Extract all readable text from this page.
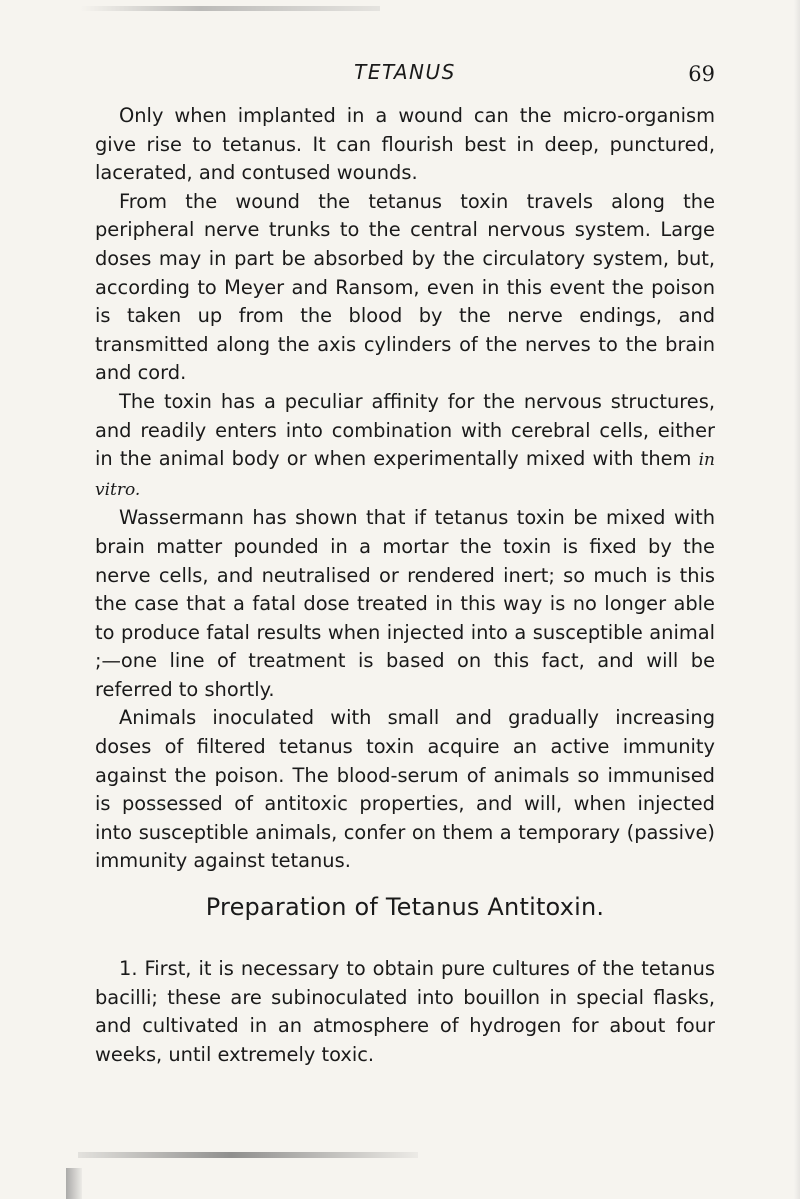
TETANUS	69

Only when implanted in a wound can the micro-organism give rise to tetanus. It can flourish best in deep, punctured, lacerated, and contused wounds.

From the wound the tetanus toxin travels along the peripheral nerve trunks to the central nervous system. Large doses may in part be absorbed by the circulatory system, but, according to Meyer and Ransom, even in this event the poison is taken up from the blood by the nerve endings, and transmitted along the axis cylinders of the nerves to the brain and cord.

The toxin has a peculiar affinity for the nervous structures, and readily enters into combination with cerebral cells, either in the animal body or when experimentally mixed with them in vitro.

Wassermann has shown that if tetanus toxin be mixed with brain matter pounded in a mortar the toxin is fixed by the nerve cells, and neutralised or rendered inert; so much is this the case that a fatal dose treated in this way is no longer able to produce fatal results when injected into a susceptible animal ;—one line of treatment is based on this fact, and will be referred to shortly.

Animals inoculated with small and gradually increasing doses of filtered tetanus toxin acquire an active immunity against the poison. The blood-serum of animals so immunised is possessed of antitoxic properties, and will, when injected into susceptible animals, confer on them a temporary (passive) immunity against tetanus.

Preparation of Tetanus Antitoxin.

1. First, it is necessary to obtain pure cultures of the tetanus bacilli; these are subinoculated into bouillon in special flasks, and cultivated in an atmosphere of hydrogen for about four weeks, until extremely toxic.
